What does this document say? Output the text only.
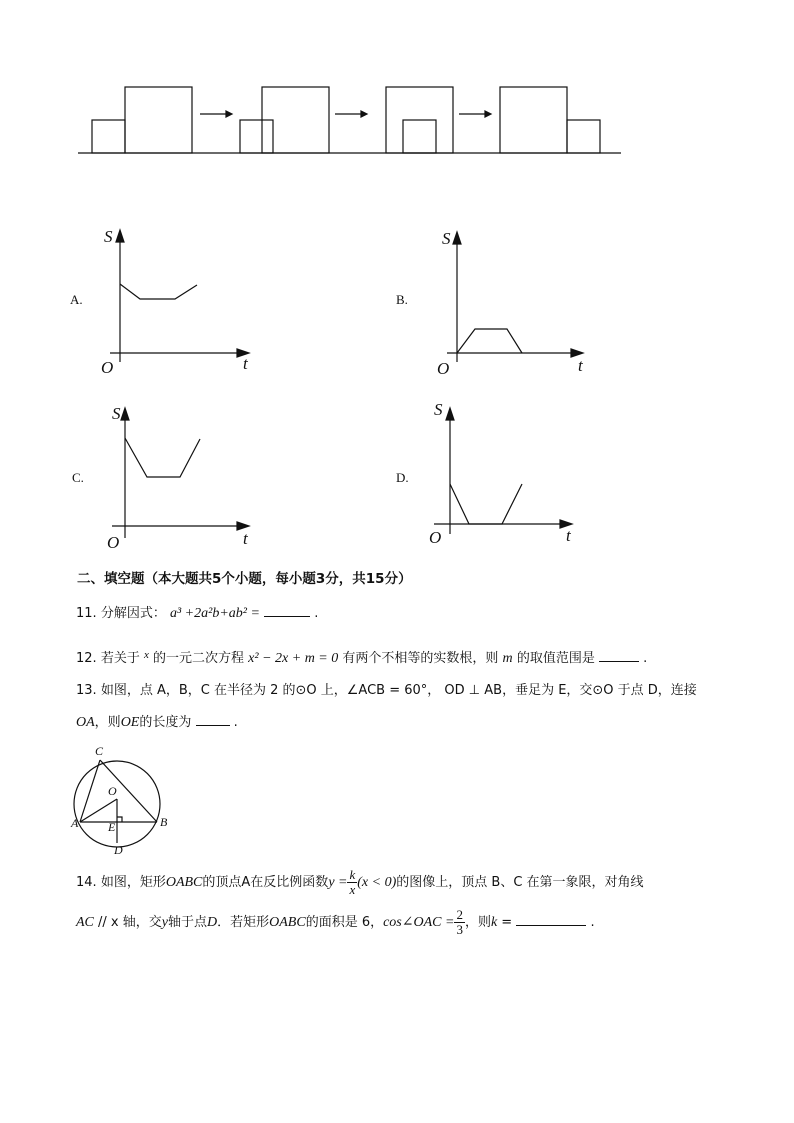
A.
S
t
O
B.
S
t
O
C.
S
t
O
D.
S
t
O
二、填空题（本大题共5个小题，每小题3分，共15分）
11. 分解因式： a³ +2a²b+ab² =	.
12. 若关于 $^x$ 的一元二次方程 x² − 2x + m = 0 有两个不相等的实数根，则 m 的取值范围是	.
13. 如图，点 A，B，C 在半径为 2 的⊙O 上，∠ACB = 60°， OD ⊥ AB，垂足为 E，交⊙O 于点 D，连接
OA，则OE的长度为	.
C
O
A E	B
D
14. 如图，矩形OABC的顶点A在反比例函数$y = \frac{k}{x} (x < 0)$的图像上，顶点 B、C 在第一象限，对角线
AC // x 轴，交y轴于点D．若矩形OABC的面积是 6，cos∠OAC = $\frac{2}{3}$ ，则k =	.
